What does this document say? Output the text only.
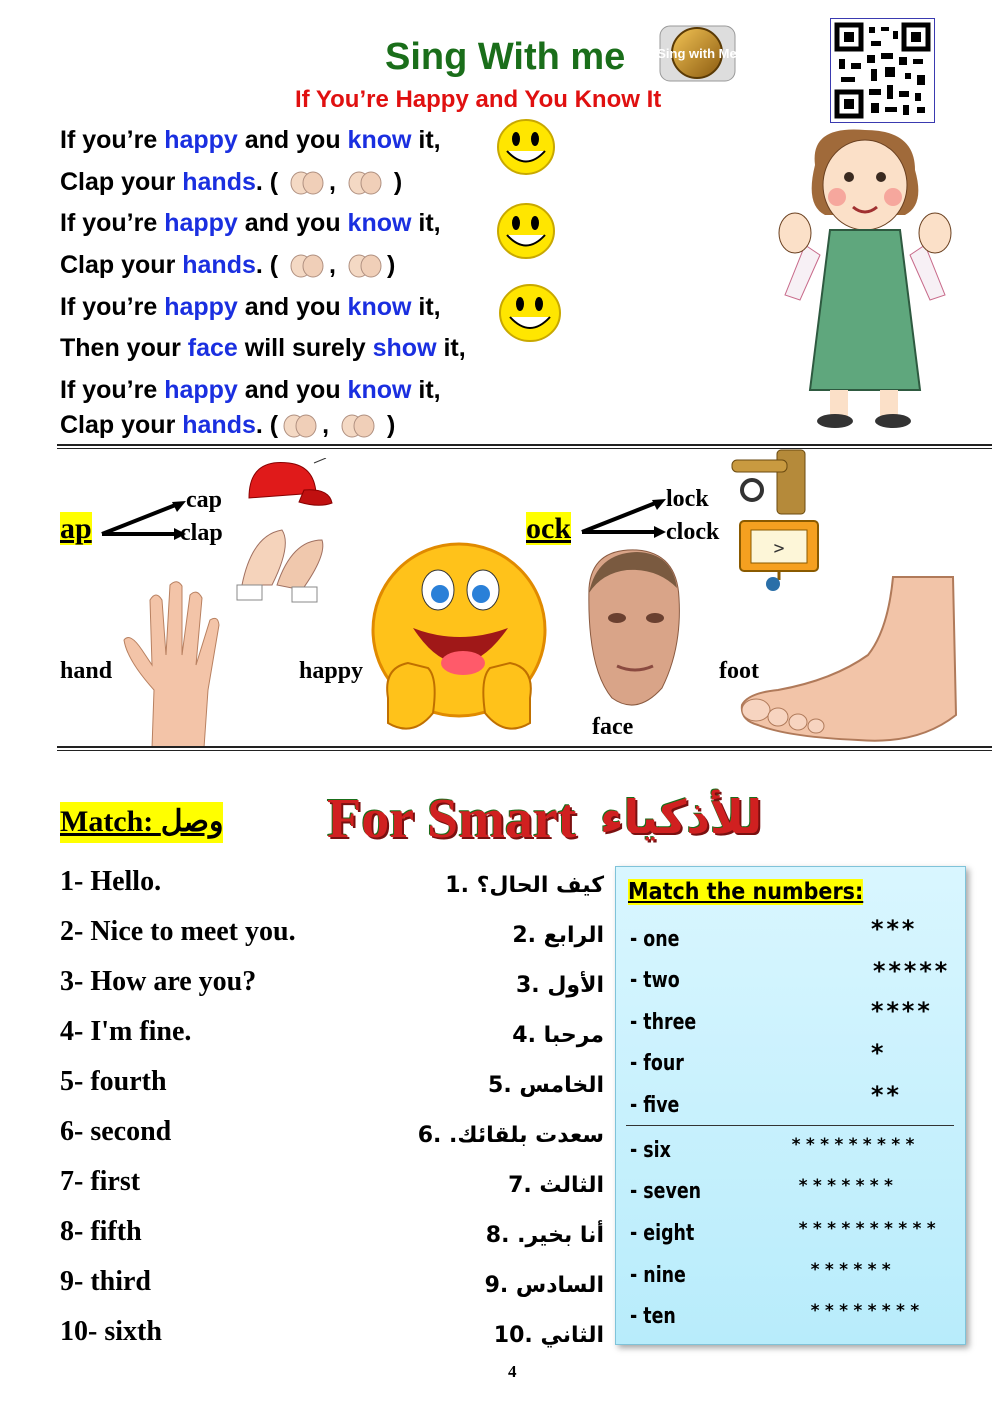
Sing With me Sing with Me
If You’re Happy and You Know It
If you’re happy and you know it,
Clap your hands. ( ,  )
If you’re happy and you know it,
Clap your hands. ( , )
If you’re happy and you know it,
Then your face will surely show it,
If you’re happy and you know it,
Clap your hands. ( ,  )
ap
cap
clap	ock
lock
clock
>
hand	happy
face
foot
Match: وصل For Smart للأذكياء
1- Hello.
2- Nice to meet you.
3- How are you?
4- I'm fine.
5- fourth
6- second
7- first
8- fifth
9- third
10- sixth
كيف الحال؟ .1
الرابع .2
الأول .3
مرحبا .4
الخامس .5
سعدت بلقائك. .6
الثالث .7
أنا بخير. .8
السادس .9
الثاني .10
Match the numbers:
- one
- two
- three
- four
- five
- six
- seven
- eight
- nine
- ten
***
*****
****
*
**
*********
*******
**********
******
********
4
